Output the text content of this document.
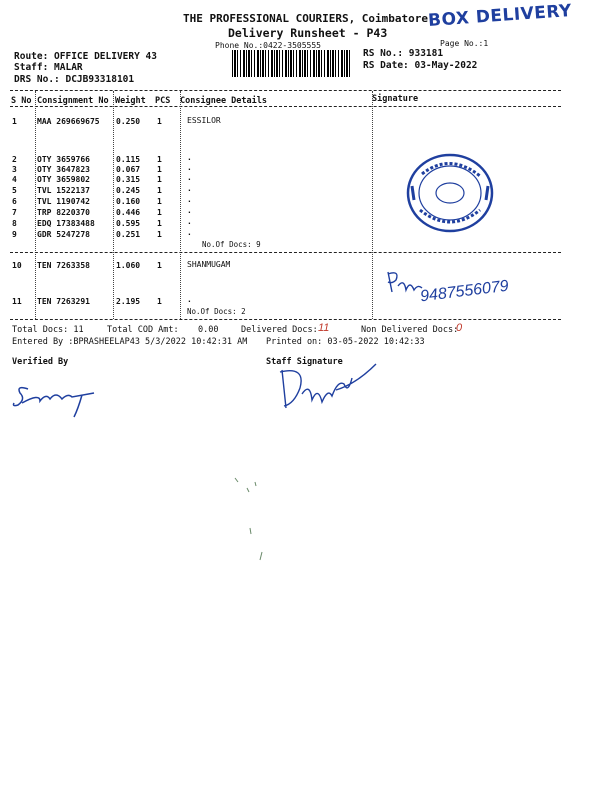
THE PROFESSIONAL COURIERS, Coimbatore
Delivery Runsheet - P43
Phone No.:0422-3505555	Page No.:1
BOX DELIVERY
Route: OFFICE DELIVERY 43
Staff: MALAR
DRS No.: DCJB93318101
RS No.: 933181
RS Date: 03-May-2022
S No Consignment No Weight PCS Consignee Details	Signature
1	MAA 269669675 0.250 1	ESSILOR
2	OTY 3659766	0.115 1	.
3	OTY 3647823	0.067 1	.
4	OTY 3659802	0.315 1	.
5	TVL 1522137	0.245 1	.
6	TVL 1190742	0.160 1	.
7	TRP 8220370	0.446 1	.
8	EDQ 17383488	0.595 1	.
9	GDR 5247278	0.251 1	.
No.Of Docs: 9
10 TEN 7263358	1.060 1	SHANMUGAM
11 TEN 7263291	2.195 1	.
No.Of Docs: 2
9487556079
Total Docs: 11	Total COD Amt: 0.00	Delivered Docs: 11	Non Delivered Docs:
0
Entered By :BPRASHEELAP43 5/3/2022 10:42:31 AM Printed on: 03-05-2022 10:42:33
Verified By	Staff Signature
